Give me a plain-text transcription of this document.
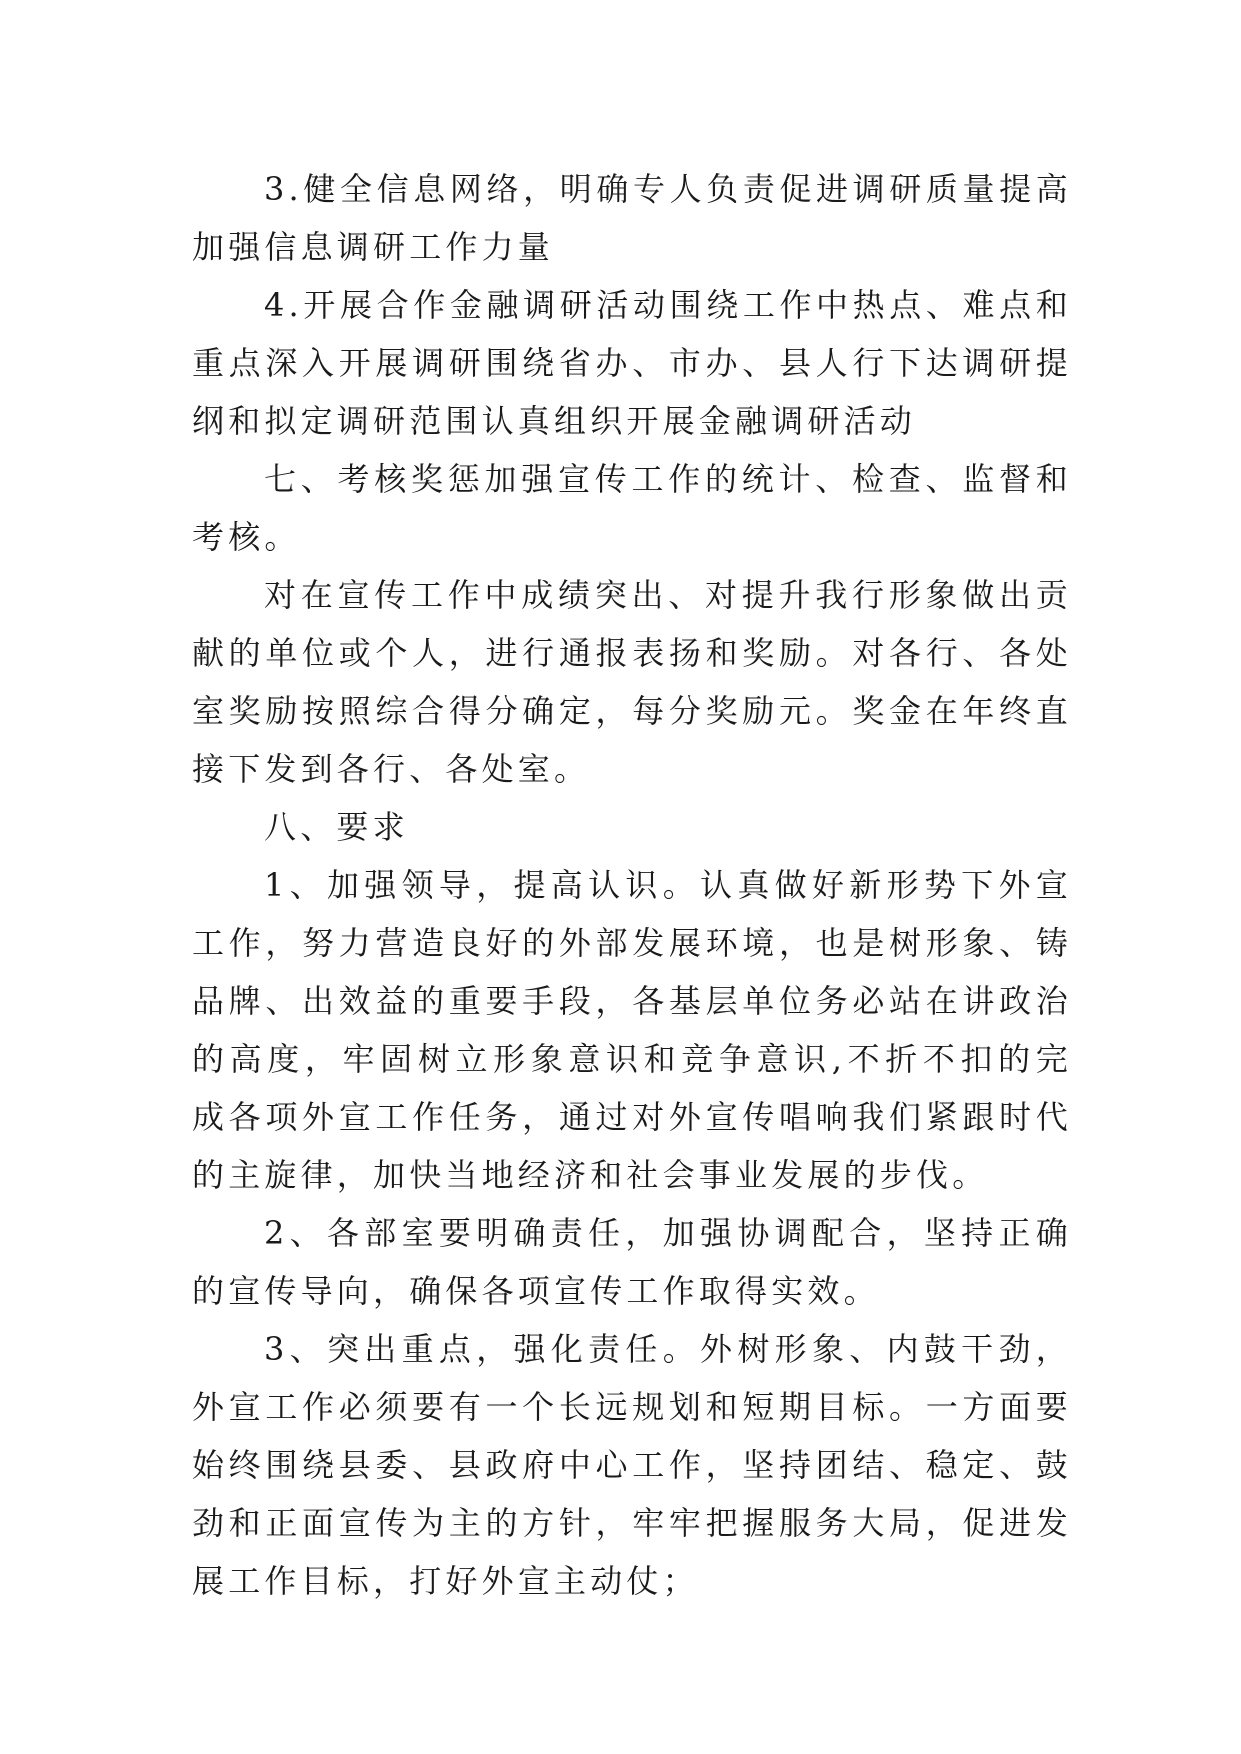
3.健全信息网络，明确专人负责促进调研质量提高加强信息调研工作力量

4.开展合作金融调研活动围绕工作中热点、难点和重点深入开展调研围绕省办、市办、县人行下达调研提纲和拟定调研范围认真组织开展金融调研活动

七、考核奖惩加强宣传工作的统计、检查、监督和考核。

对在宣传工作中成绩突出、对提升我行形象做出贡献的单位或个人，进行通报表扬和奖励。对各行、各处室奖励按照综合得分确定，每分奖励元。奖金在年终直接下发到各行、各处室。

八、要求

1、加强领导，提高认识。认真做好新形势下外宣工作，努力营造良好的外部发展环境，也是树形象、铸品牌、出效益的重要手段，各基层单位务必站在讲政治的高度，牢固树立形象意识和竞争意识,不折不扣的完成各项外宣工作任务，通过对外宣传唱响我们紧跟时代的主旋律，加快当地经济和社会事业发展的步伐。

2、各部室要明确责任，加强协调配合，坚持正确的宣传导向，确保各项宣传工作取得实效。

3、突出重点，强化责任。外树形象、内鼓干劲，外宣工作必须要有一个长远规划和短期目标。一方面要始终围绕县委、县政府中心工作，坚持团结、稳定、鼓劲和正面宣传为主的方针，牢牢把握服务大局，促进发展工作目标，打好外宣主动仗；
